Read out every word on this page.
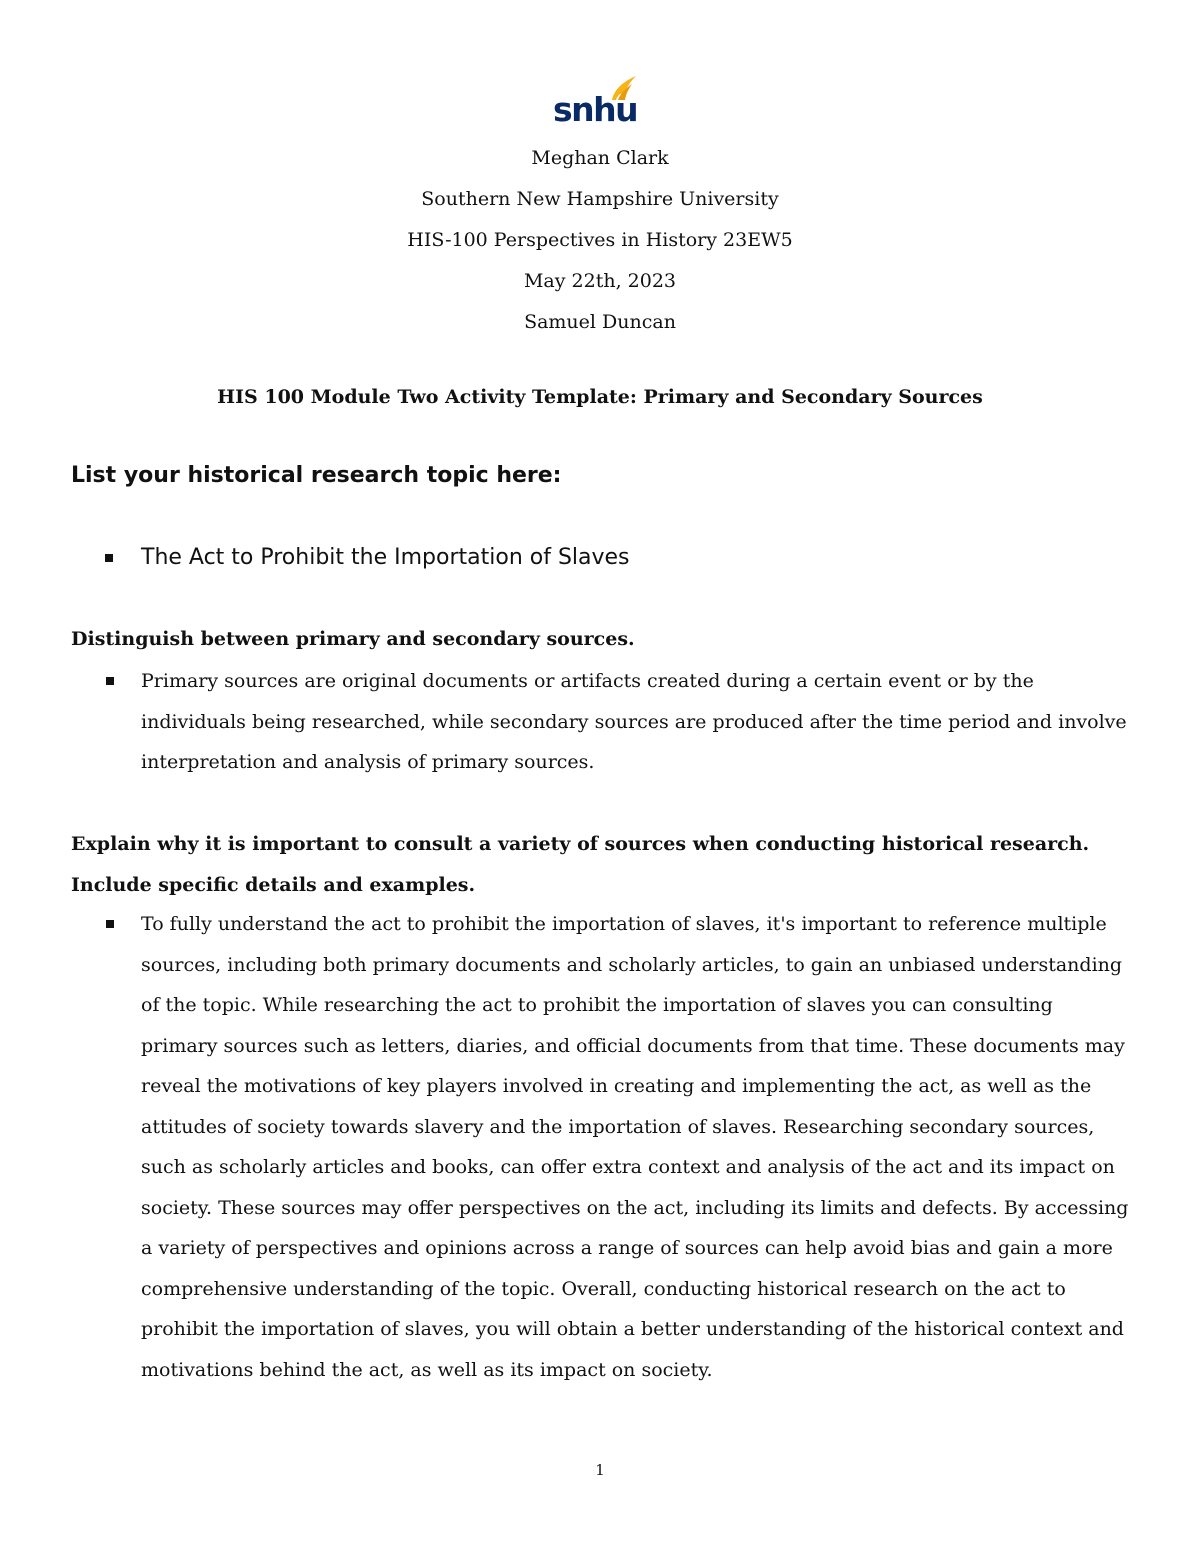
snhu
Meghan Clark
Southern New Hampshire University
HIS-100 Perspectives in History 23EW5
May 22th, 2023
Samuel Duncan
HIS 100 Module Two Activity Template: Primary and Secondary Sources
List your historical research topic here:
The Act to Prohibit the Importation of Slaves
Distinguish between primary and secondary sources.
Primary sources are original documents or artifacts created during a certain event or by the individuals being researched, while secondary sources are produced after the time period and involve interpretation and analysis of primary sources.
Explain why it is important to consult a variety of sources when conducting historical research. Include specific details and examples.
To fully understand the act to prohibit the importation of slaves, it's important to reference multiple sources, including both primary documents and scholarly articles, to gain an unbiased understanding of the topic. While researching the act to prohibit the importation of slaves you can consulting primary sources such as letters, diaries, and official documents from that time. These documents may reveal the motivations of key players involved in creating and implementing the act, as well as the attitudes of society towards slavery and the importation of slaves. Researching secondary sources, such as scholarly articles and books, can offer extra context and analysis of the act and its impact on society. These sources may offer perspectives on the act, including its limits and defects. By accessing a variety of perspectives and opinions across a range of sources can help avoid bias and gain a more comprehensive understanding of the topic. Overall, conducting historical research on the act to prohibit the importation of slaves, you will obtain a better understanding of the historical context and motivations behind the act, as well as its impact on society.
1
